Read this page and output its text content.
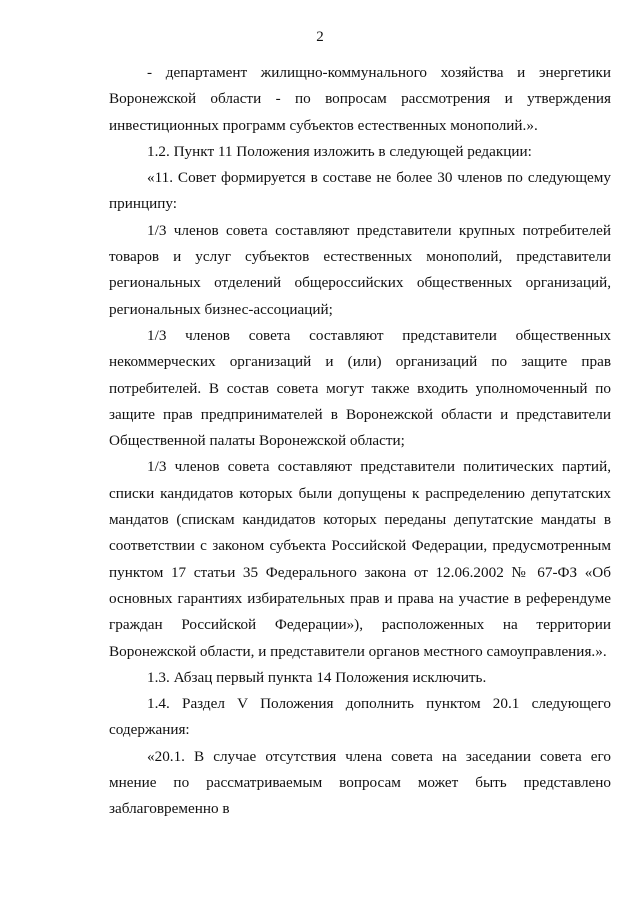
2

- департамент жилищно-коммунального хозяйства и энергетики Воронежской области - по вопросам рассмотрения и утверждения инвестиционных программ субъектов естественных монополий.».

1.2. Пункт 11 Положения изложить в следующей редакции:

«11. Совет формируется в составе не более 30 членов по следующему принципу:

1/3 членов совета составляют представители крупных потребителей товаров и услуг субъектов естественных монополий, представители региональных отделений общероссийских общественных организаций, региональных бизнес-ассоциаций;

1/3 членов совета составляют представители общественных некоммерческих организаций и (или) организаций по защите прав потребителей. В состав совета могут также входить уполномоченный по защите прав предпринимателей в Воронежской области и представители Общественной палаты Воронежской области;

1/3 членов совета составляют представители политических партий, списки кандидатов которых были допущены к распределению депутатских мандатов (спискам кандидатов которых переданы депутатские мандаты в соответствии с законом субъекта Российской Федерации, предусмотренным пунктом 17 статьи 35 Федерального закона от 12.06.2002 № 67-ФЗ «Об основных гарантиях избирательных прав и права на участие в референдуме граждан Российской Федерации»), расположенных на территории Воронежской области, и представители органов местного самоуправления.».

1.3. Абзац первый пункта 14 Положения исключить.

1.4. Раздел V Положения дополнить пунктом 20.1 следующего содержания:

«20.1. В случае отсутствия члена совета на заседании совета его мнение по рассматриваемым вопросам может быть представлено заблаговременно в
